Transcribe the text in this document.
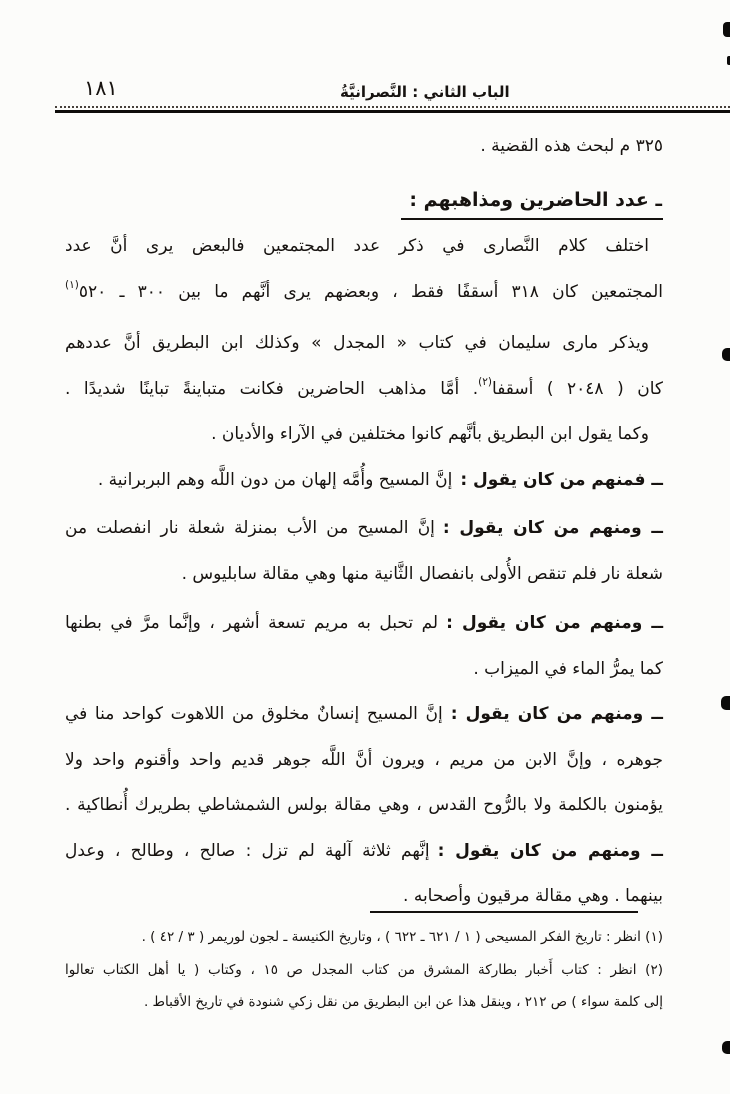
١٨١	الباب الثاني : النَّصرانيَّةُ
٣٢٥ م لبحث هذه القضية .
ـ عدد الحاضرين ومذاهبهم :
اختلف كلام النَّصارى في ذكر عدد المجتمعين فالبعض يرى أنَّ عدد
المجتمعين كان ٣١٨ أسقفًا فقط ، وبعضهم يرى أنَّهم ما بين ٣٠٠ ـ ٥٢٠$^{(١)}$
ويذكر مارى سليمان في كتاب « المجدل » وكذلك ابن البطريق أنَّ عددهم
كان ( ٢٠٤٨ ) أسقفا$^{(٢)}$. أمَّا مذاهب الحاضرين فكانت متباينةً تباينًا شديدًا .
وكما يقول ابن البطريق بأنَّهم كانوا مختلفين في الآراء والأديان .
ــ فمنهم من كان يقول :إنَّ المسيح وأُمَّه إلهان من دون اللَّه وهم البربرانية .
ــ ومنهم من كان يقول :إنَّ المسيح من الأب بمنزلة شعلة نار انفصلت من
شعلة نار فلم تنقص الأُولى بانفصال الثَّانية منها وهي مقالة سابليوس .
ــ ومنهم من كان يقول :لم تحبل به مريم تسعة أشهر ، وإنَّما مرَّ في بطنها
كما يمرُّ الماء في الميزاب .
ــ ومنهم من كان يقول :إنَّ المسيح إنسانٌ مخلوق من اللاهوت كواحد منا في
جوهره ، وإنَّ الابن من مريم ، ويرون أنَّ اللَّه جوهر قديم واحد وأقنوم واحد ولا
يؤمنون بالكلمة ولا بالرُّوح القدس ، وهي مقالة بولس الشمشاطي بطريرك أُنطاكية .
ــ ومنهم من كان يقول :إنَّهم ثلاثة آلهة لم تزل : صالح ، وطالح ، وعدل
بينهما . وهي مقالة مرقيون وأصحابه .
(١) انظر : تاريخ الفكر المسيحى ( ١ / ٦٢١ ـ ٦٢٢ ) ، وتاريخ الكنيسة ـ لجون لوريمر ( ٣ / ٤٢ ) .
(٢) انظر : كتاب أَخبار بطاركة المشرق من كتاب المجدل ص ١٥ ، وكتاب ( يا أهل الكتاب تعالوا
إلى كلمة سواء ) ص ٢١٢ ، وينقل هذا عن ابن البطريق من نقل زكي شنودة في تاريخ الأقباط .
